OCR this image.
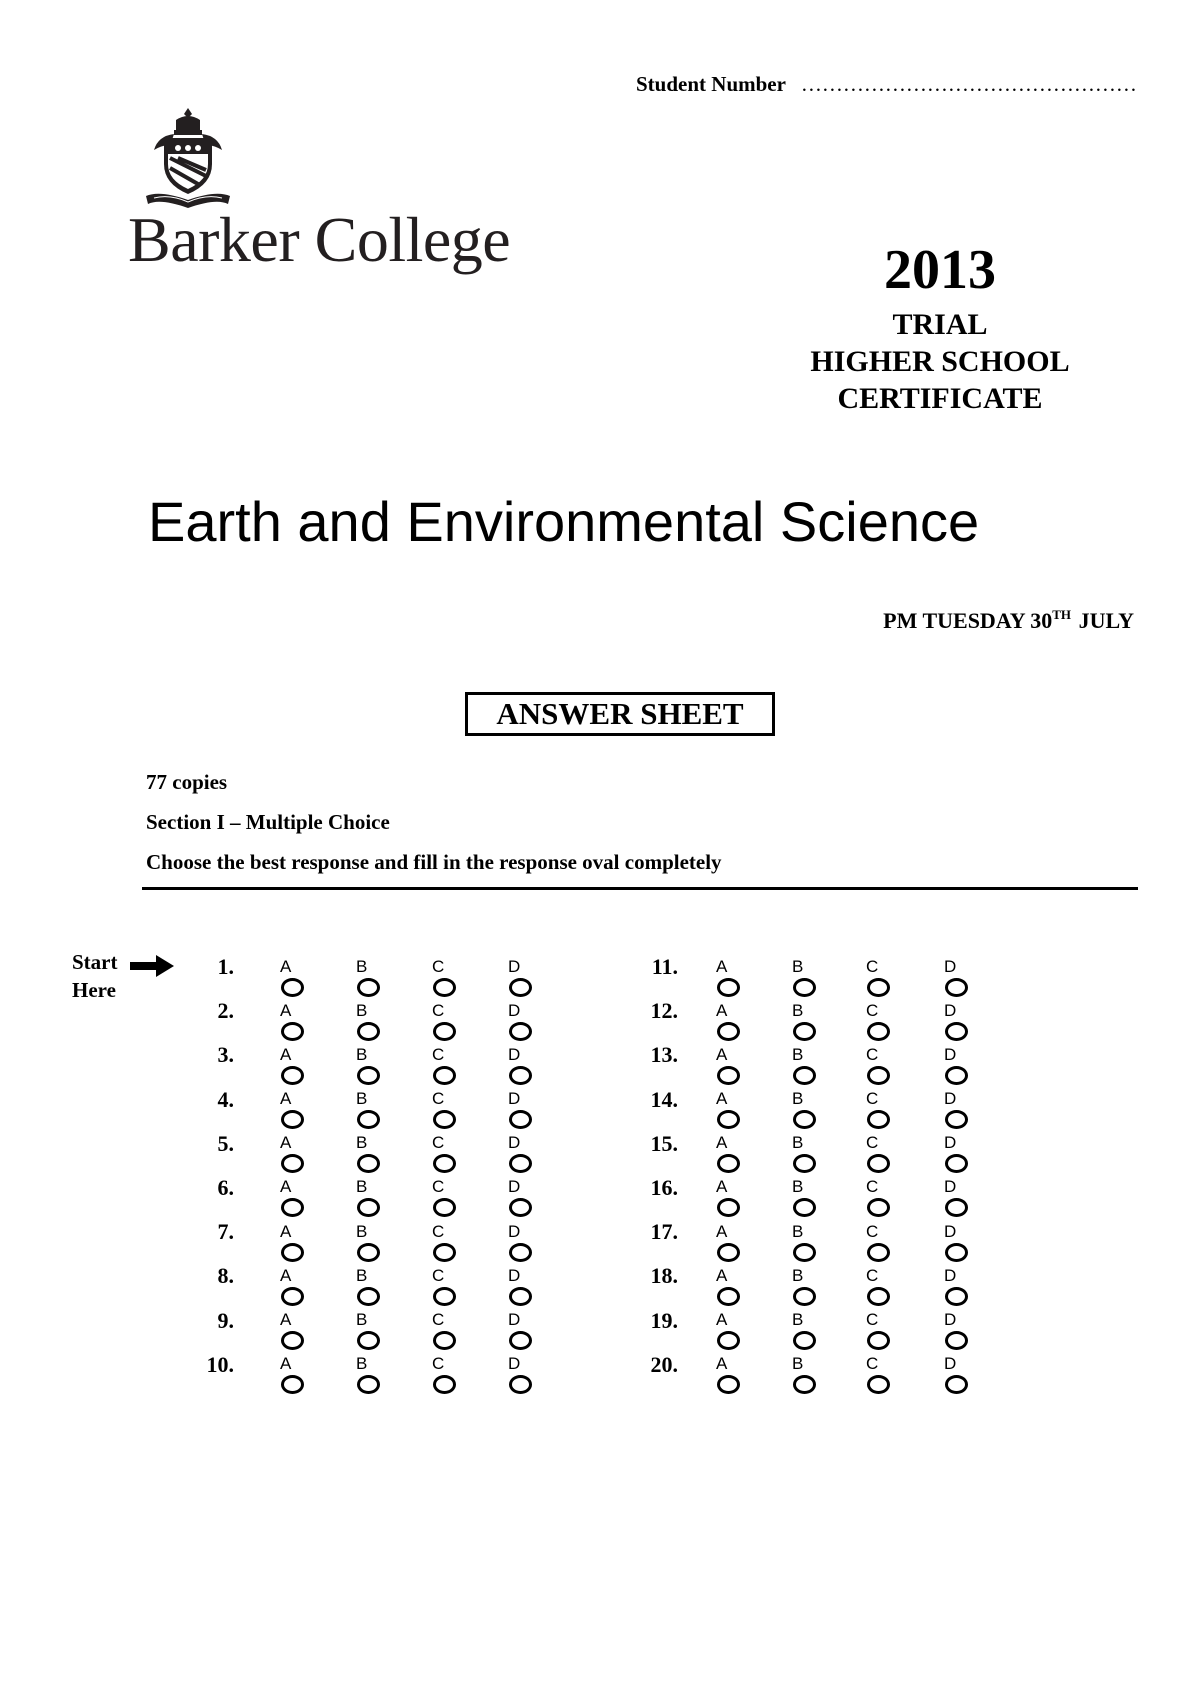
Student Number …………………………………………
Barker College	2013
TRIAL
HIGHER SCHOOL
CERTIFICATE
Earth and Environmental Science
PM TUESDAY 30TH JULY
ANSWER SHEET
77 copies
Section I – Multiple Choice
Choose the best response and fill in the response oval completely
Start
Here
1.	A	B	C	D
2.	A	B	C	D
3.	A	B	C	D
4.	A	B	C	D
5.	A	B	C	D
6.	A	B	C	D
7.	A	B	C	D
8.	A	B	C	D
9.	A	B	C	D
10.	A	B	C	D
11. A	B	C	D
12. A	B	C	D
13. A	B	C	D
14. A	B	C	D
15. A	B	C	D
16. A	B	C	D
17. A	B	C	D
18. A	B	C	D
19. A	B	C	D
20. A	B	C	D
